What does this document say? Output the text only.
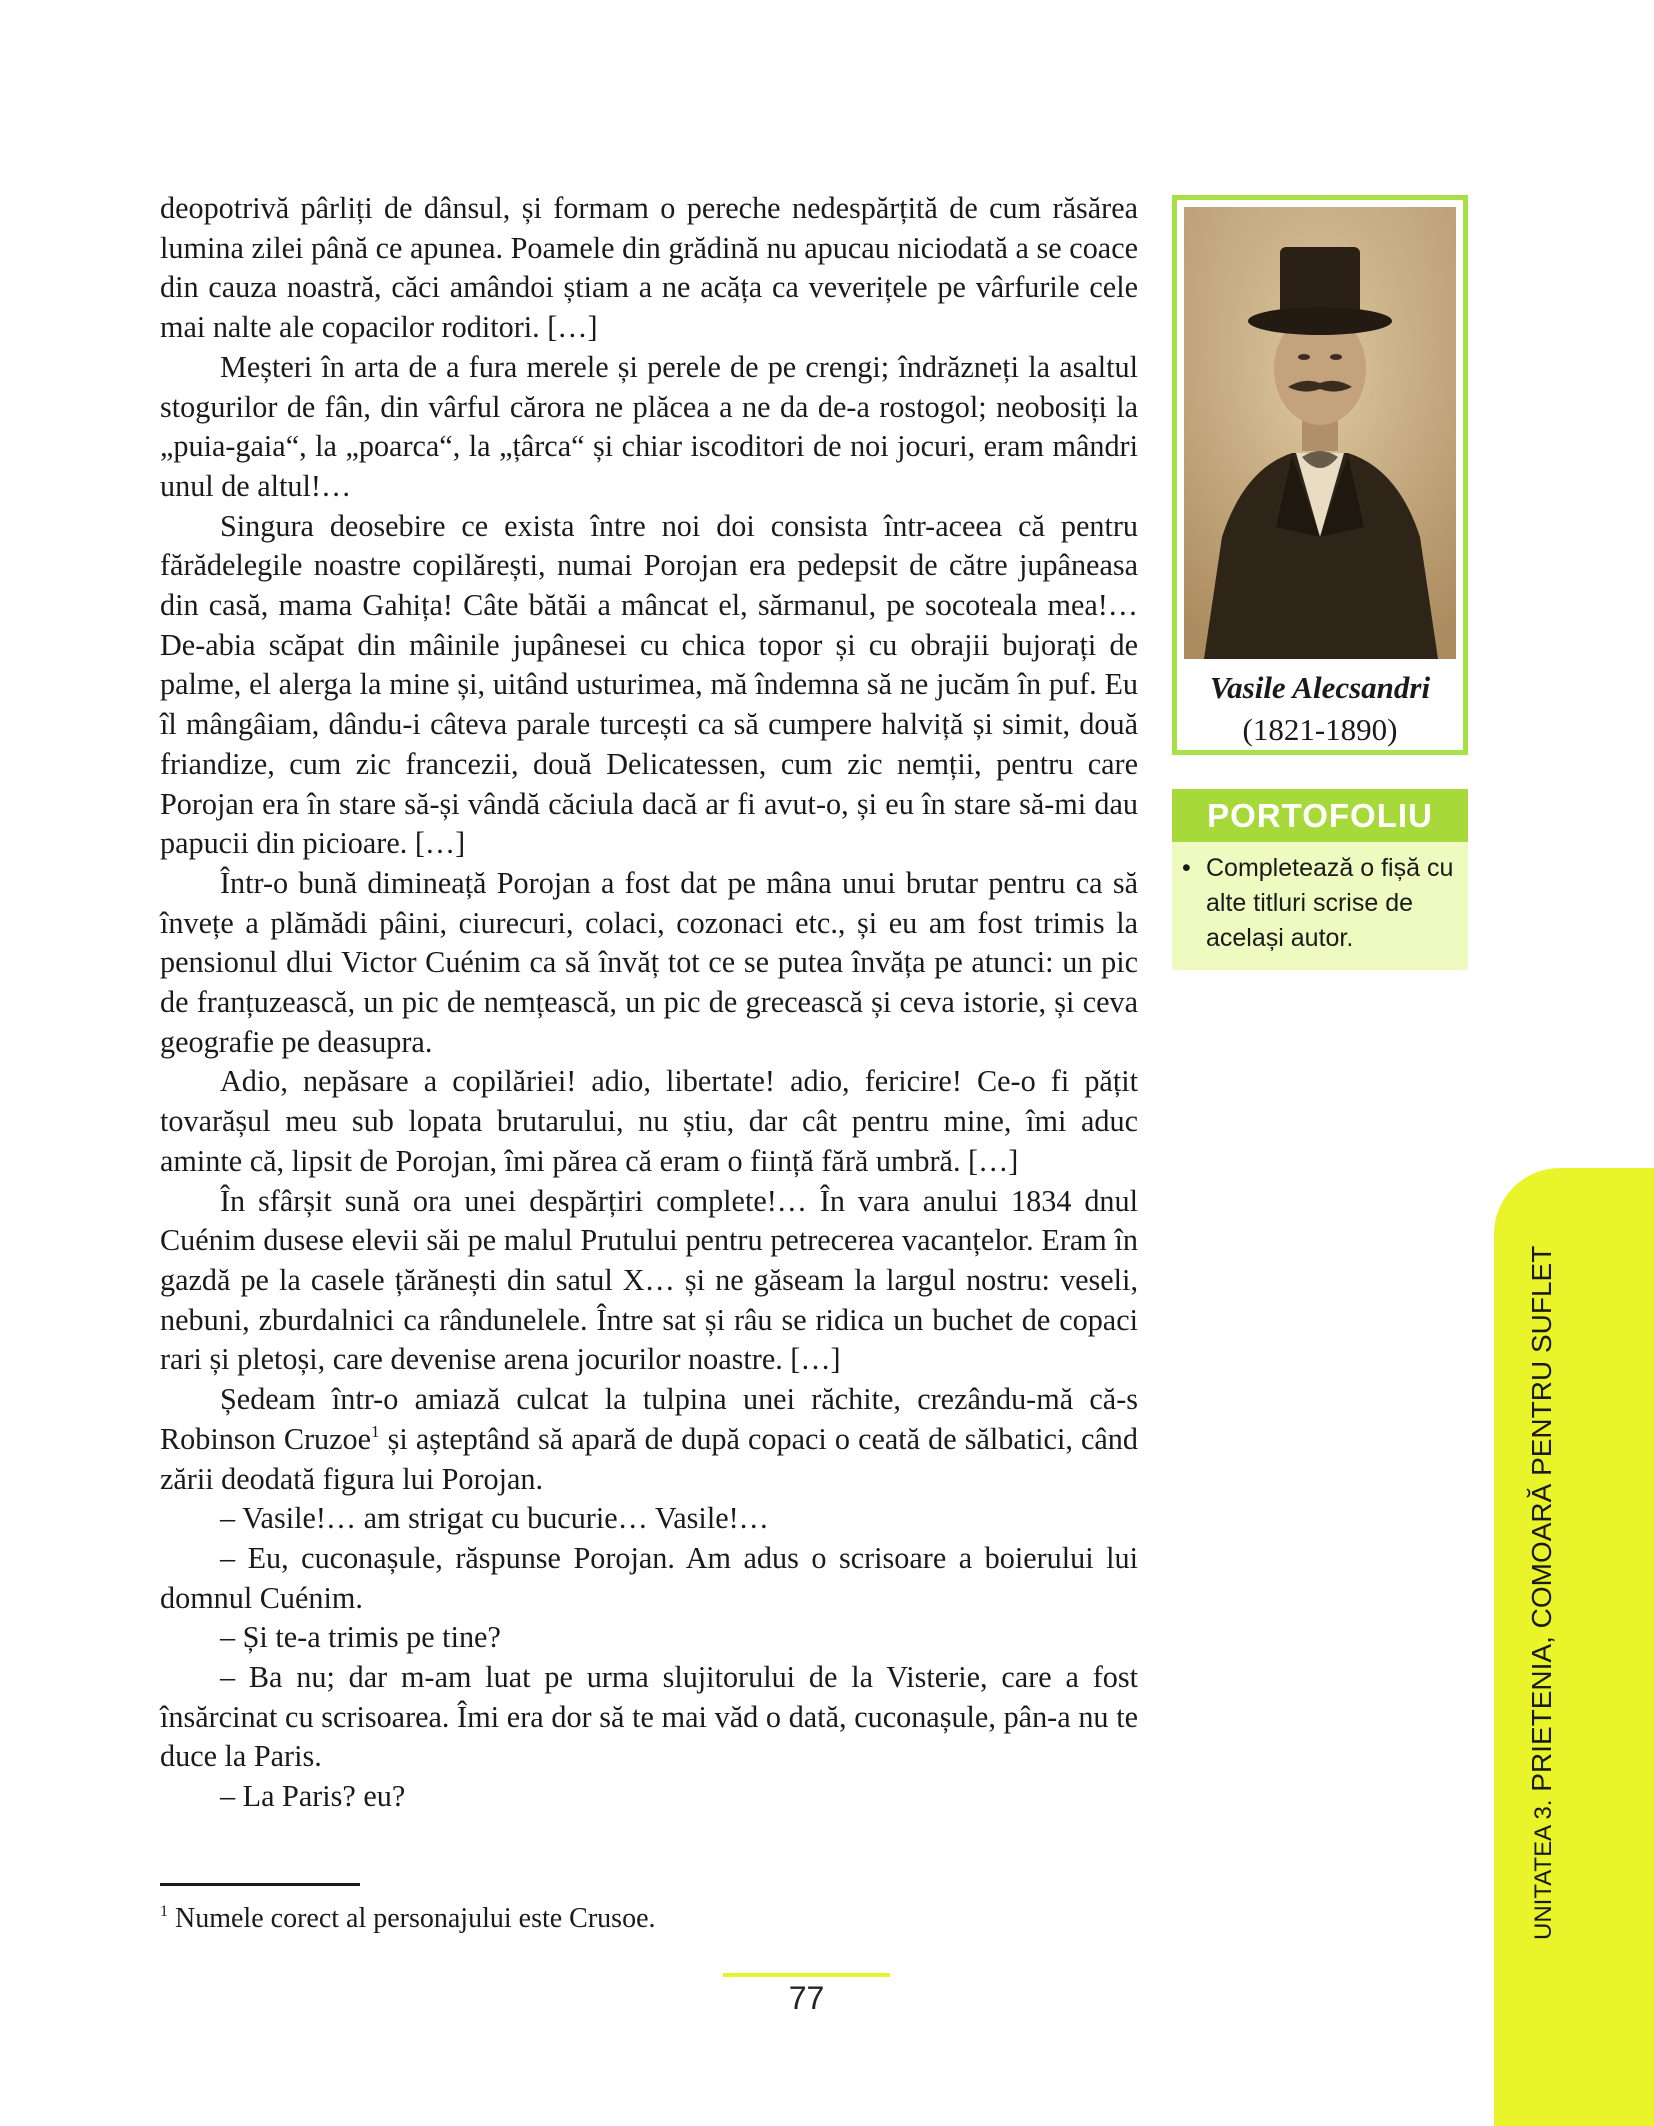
deopotrivă pârliți de dânsul, și formam o pereche nedespărțită de cum răsărea lumina zilei până ce apunea. Poamele din grădină nu apucau niciodată a se coace din cauza noastră, căci amândoi știam a ne acăța ca veverițele pe vârfurile cele mai nalte ale copacilor roditori. […]

Meșteri în arta de a fura merele și perele de pe crengi; îndrăzneți la asaltul stogurilor de fân, din vârful cărora ne plăcea a ne da de-a rostogol; neobosiți la „puia-gaia“, la „poarca“, la „țârca“ și chiar iscoditori de noi jocuri, eram mândri unul de altul!…

Singura deosebire ce exista între noi doi consista într-aceea că pentru fărădelegile noastre copilărești, numai Porojan era pedepsit de către jupâneasa din casă, mama Gahița! Câte bătăi a mâncat el, sărmanul, pe socoteala mea!… De-abia scăpat din mâinile jupânesei cu chica topor și cu obrajii bujorați de palme, el alerga la mine și, uitând usturimea, mă îndemna să ne jucăm în puf. Eu îl mângâiam, dându-i câteva parale turcești ca să cumpere halviță și simit, două friandize, cum zic francezii, două Delicatessen, cum zic nemții, pentru care Porojan era în stare să-și vândă căciula dacă ar fi avut-o, și eu în stare să-mi dau papucii din picioare. […]

Într-o bună dimineață Porojan a fost dat pe mâna unui brutar pentru ca să învețe a plămădi pâini, ciurecuri, colaci, cozonaci etc., și eu am fost trimis la pensionul dlui Victor Cuénim ca să învăț tot ce se putea învăța pe atunci: un pic de franțuzească, un pic de nemțească, un pic de grecească și ceva istorie, și ceva geografie pe deasupra.

Adio, nepăsare a copilăriei! adio, libertate! adio, fericire! Ce-o fi pățit tovarășul meu sub lopata brutarului, nu știu, dar cât pentru mine, îmi aduc aminte că, lipsit de Porojan, îmi părea că eram o ființă fără umbră. […]

În sfârșit sună ora unei despărțiri complete!… În vara anului 1834 dnul Cuénim dusese elevii săi pe malul Prutului pentru petrecerea vacanțelor. Eram în gazdă pe la casele țărănești din satul X… și ne găseam la largul nostru: veseli, nebuni, zburdalnici ca rândunelele. Între sat și râu se ridica un buchet de copaci rari și pletoși, care devenise arena jocurilor noastre. […]

Ședeam într-o amiază culcat la tulpina unei răchite, crezându-mă că-s Robinson Cruzoe$^1$ și așteptând să apară de după copaci o ceată de sălbatici, când zării deodată figura lui Porojan.

– Vasile!… am strigat cu bucurie… Vasile!…

– Eu, cuconașule, răspunse Porojan. Am adus o scrisoare a boierului lui domnul Cuénim.

– Și te-a trimis pe tine?

– Ba nu; dar m-am luat pe urma slujitorului de la Visterie, care a fost însărcinat cu scrisoarea. Îmi era dor să te mai văd o dată, cuconașule, pân-a nu te duce la Paris.

– La Paris? eu?

$^1$ Numele corect al personajului este Crusoe.
77
Vasile Alecsandri
(1821-1890)
PORTOFOLIU
• Completează o fișă cu alte titluri scrise de același autor.
UNITATEA 3. PRIETENIA, COMOARĂ PENTRU SUFLET
